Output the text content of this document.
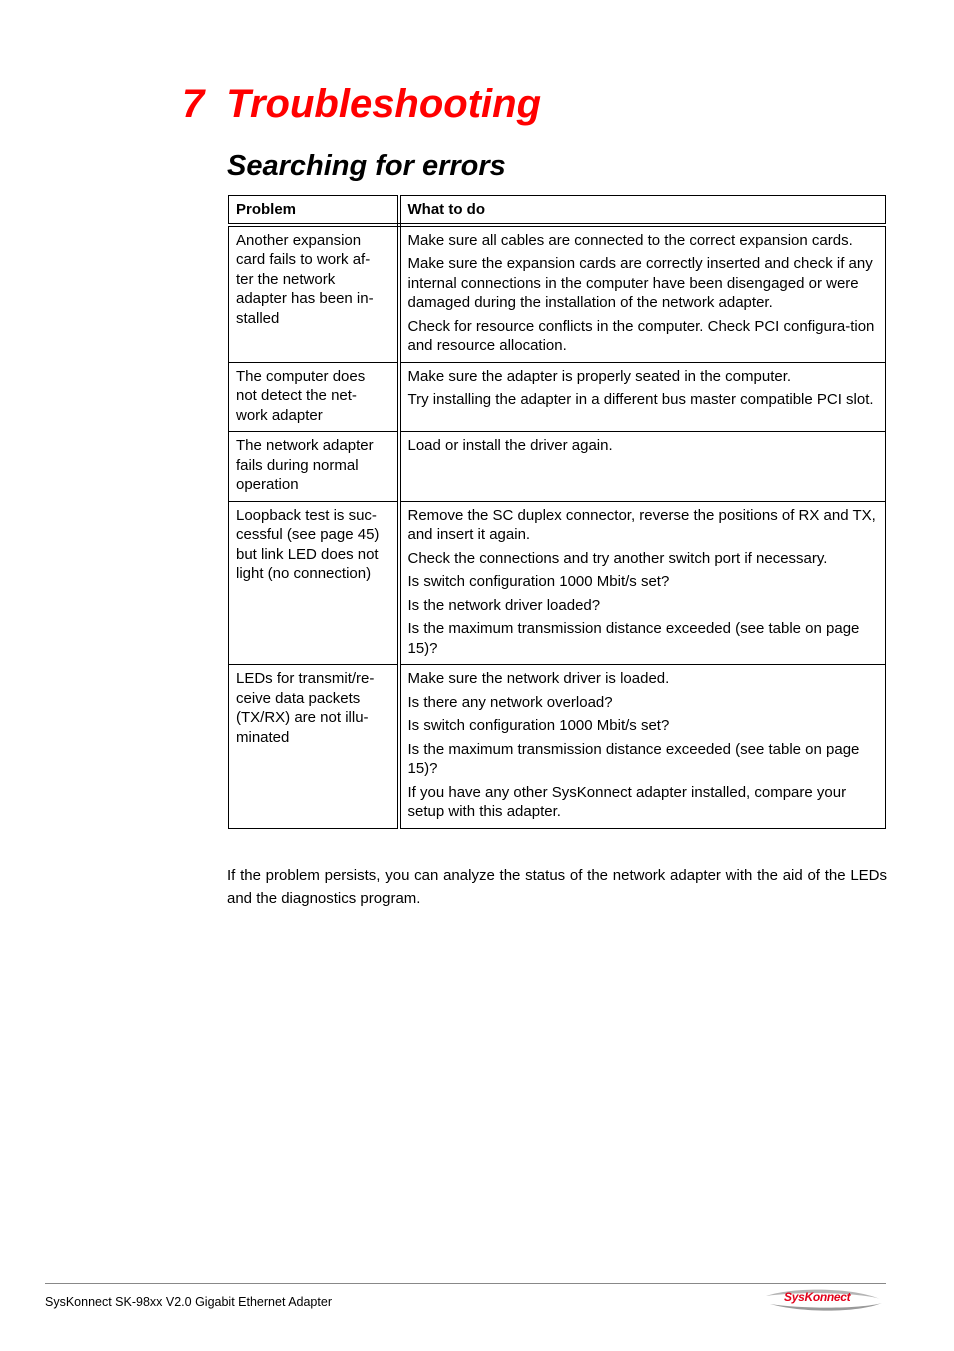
7 Troubleshooting
Searching for errors
Problem	What to do
Another expansion card fails to work af-ter the network adapter has been in-stalled	Make sure all cables are connected to the correct expansion cards.

Make sure the expansion cards are correctly inserted and check if any internal connections in the computer have been disengaged or were damaged during the installation of the network adapter.

Check for resource conflicts in the computer. Check PCI configura-tion and resource allocation.

The computer does not detect the net-work adapter	Make sure the adapter is properly seated in the computer.

Try installing the adapter in a different bus master compatible PCI slot.

The network adapter fails during normal operation	Load or install the driver again.

Loopback test is suc-cessful (see page 45) but link LED does not light (no connection)	Remove the SC duplex connector, reverse the positions of RX and TX, and insert it again.

Check the connections and try another switch port if necessary.

Is switch configuration 1000 Mbit/s set?

Is the network driver loaded?

Is the maximum transmission distance exceeded (see table on page 15)?

LEDs for transmit/re-ceive data packets (TX/RX) are not illu-minated	Make sure the network driver is loaded.

Is there any network overload?

Is switch configuration 1000 Mbit/s set?

Is the maximum transmission distance exceeded (see table on page 15)?

If you have any other SysKonnect adapter installed, compare your setup with this adapter.

If the problem persists, you can analyze the status of the network adapter with the aid of the LEDs and the diagnostics program.

SysKonnect SK-98xx V2.0 Gigabit Ethernet Adapter	SysKonnect
